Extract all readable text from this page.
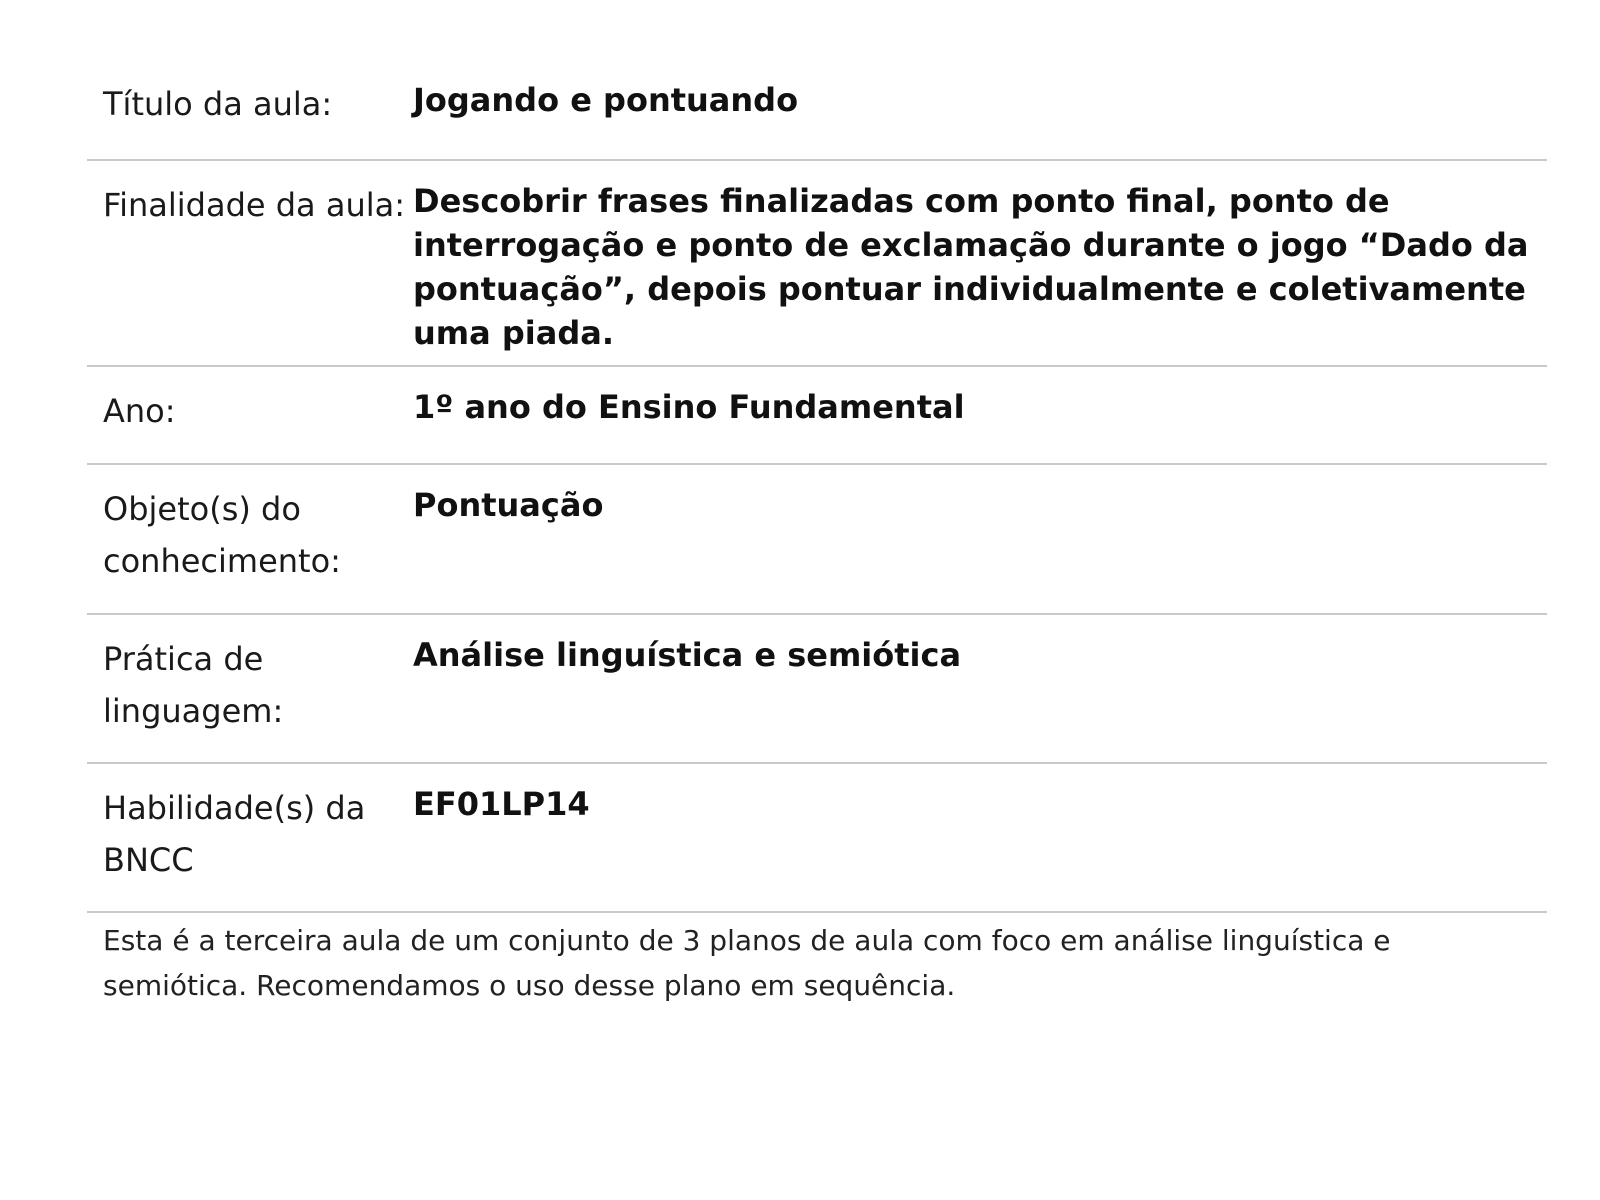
Título da aula:	Jogando e pontuando
Finalidade da aula: Descobrir frases finalizadas com ponto final, ponto de interrogação e ponto de exclamação durante o jogo “Dado da pontuação”, depois pontuar individualmente e coletivamente uma piada.
Ano:	1º ano do Ensino Fundamental
Objeto(s) do conhecimento:
Pontuação
Prática de linguagem:
Análise linguística e semiótica
Habilidade(s) da BNCC
EF01LP14
Esta é a terceira aula de um conjunto de 3 planos de aula com foco em análise linguística e semiótica. Recomendamos o uso desse plano em sequência.
